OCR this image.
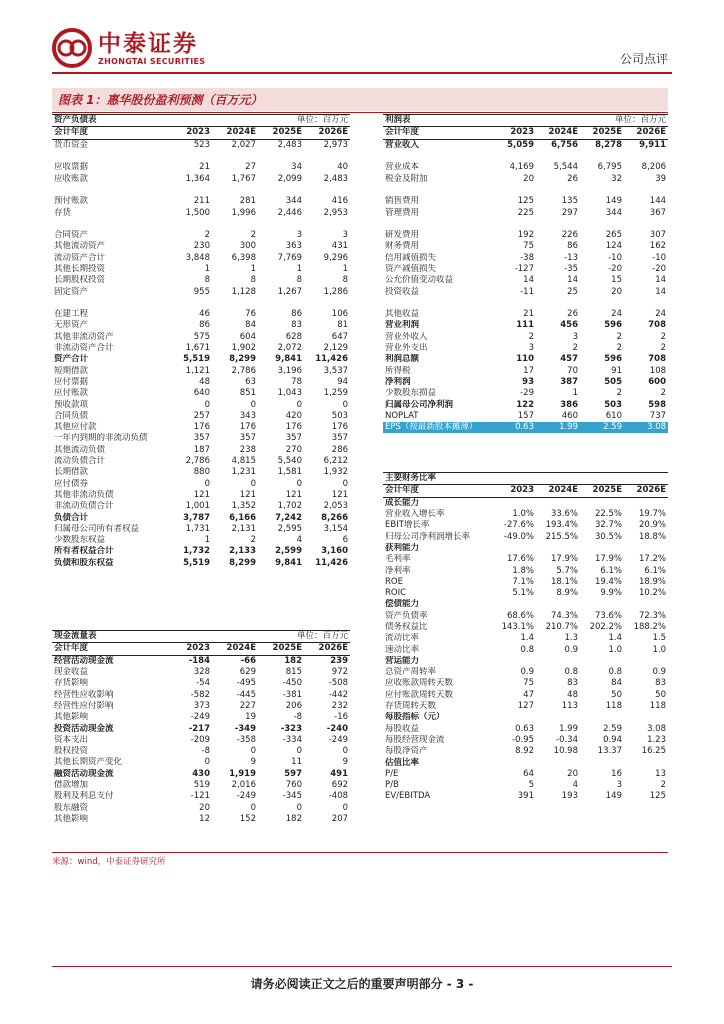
中泰证券
ZHONGTAI SECURITIES	公司点评
图表 1：惠华股份盈利预测（百万元）
资产负债表	单位：百万元			
会计年度	2023	2024E	2025E	2026E
货币资金	523	2,027	2,483	2,973

应收票据	21	27	34	40
应收账款	1,364	1,767	2,099	2,483

预付账款	211	281	344	416
存货	1,500	1,996	2,446	2,953

合同资产	2	2	3	3
其他流动资产	230	300	363	431
流动资产合计	3,848	6,398	7,769	9,296
其他长期投资	1	1	1	1
长期股权投资	8	8	8	8
固定资产	955	1,128	1,267	1,286

在建工程	46	76	86	106
无形资产	86	84	83	81
其他非流动资产	575	604	628	647
非流动资产合计	1,671	1,902	2,072	2,129
资产合计	5,519	8,299	9,841	11,426
短期借款	1,121	2,786	3,196	3,537
应付票据	48	63	78	94
应付账款	640	851	1,043	1,259
预收款项	0	0	0	0
合同负债	257	343	420	503
其他应付款	176	176	176	176
一年内到期的非流动负债	357	357	357	357
其他流动负债	187	238	270	286
流动负债合计	2,786	4,815	5,540	6,212
长期借款	880	1,231	1,581	1,932
应付债券	0	0	0	0
其他非流动负债	121	121	121	121
非流动负债合计	1,001	1,352	1,702	2,053
负债合计	3,787	6,166	7,242	8,266
归属母公司所有者权益	1,731	2,131	2,595	3,154
少数股东权益	1	2	4	6
所有者权益合计	1,732	2,133	2,599	3,160
负债和股东权益	5,519	8,299	9,841	11,426
现金流量表	单位：百万元			
会计年度	2023	2024E	2025E	2026E
经营活动现金流	-184	-66	182	239
现金收益	328	629	815	972
存货影响	-54	-495	-450	-508
经营性应收影响	-582	-445	-381	-442
经营性应付影响	373	227	206	232
其他影响	-249	19	-8	-16
投资活动现金流	-217	-349	-323	-240
资本支出	-209	-358	-334	-249
股权投资	-8	0	0	0
其他长期资产变化	0	9	11	9
融资活动现金流	430	1,919	597	491
借款增加	519	2,016	760	692
股利及利息支付	-121	-249	-345	-408
股东融资	20	0	0	0
其他影响	12	152	182	207
利润表	单位：百万元			
会计年度	2023	2024E	2025E	2026E
营业收入	5,059	6,756	8,278	9,911

营业成本	4,169	5,544	6,795	8,206
税金及附加	20	26	32	39

销售费用	125	135	149	144
管理费用	225	297	344	367

研发费用	192	226	265	307
财务费用	75	86	124	162
信用减值损失	-38	-13	-10	-10
资产减值损失	-127	-35	-20	-20
公允价值变动收益	14	14	15	14
投资收益	-11	25	20	14

其他收益	21	26	24	24
营业利润	111	456	596	708
营业外收入	2	3	2	2
营业外支出	3	2	2	2
利润总额	110	457	596	708
所得税	17	70	91	108
净利润	93	387	505	600
少数股东损益	-29	1	2	2
归属母公司净利润	122	386	503	598
NOPLAT	157	460	610	737
EPS（按最新股本摊薄）	0.63	1.99	2.59	3.08
主要财务比率				
会计年度	2023	2024E	2025E	2026E
成长能力				
营业收入增长率	1.0%	33.6%	22.5%	19.7%
EBIT增长率	-27.6%	193.4%	32.7%	20.9%
归母公司净利润增长率	-49.0%	215.5%	30.5%	18.8%
获利能力				
毛利率	17.6%	17.9%	17.9%	17.2%
净利率	1.8%	5.7%	6.1%	6.1%
ROE	7.1%	18.1%	19.4%	18.9%
ROIC	5.1%	8.9%	9.9%	10.2%
偿债能力				
资产负债率	68.6%	74.3%	73.6%	72.3%
债务权益比	143.1%	210.7%	202.2%	188.2%
流动比率	1.4	1.3	1.4	1.5
速动比率	0.8	0.9	1.0	1.0
营运能力				
总资产周转率	0.9	0.8	0.8	0.9
应收账款周转天数	75	83	84	83
应付账款周转天数	47	48	50	50
存货周转天数	127	113	118	118
每股指标（元）				
每股收益	0.63	1.99	2.59	3.08
每股经营现金流	-0.95	-0.34	0.94	1.23
每股净资产	8.92	10.98	13.37	16.25
估值比率				
P/E	64	20	16	13
P/B	5	4	3	2
EV/EBITDA	391	193	149	125
来源：wind，中泰证券研究所
请务必阅读正文之后的重要声明部分 - 3 -
